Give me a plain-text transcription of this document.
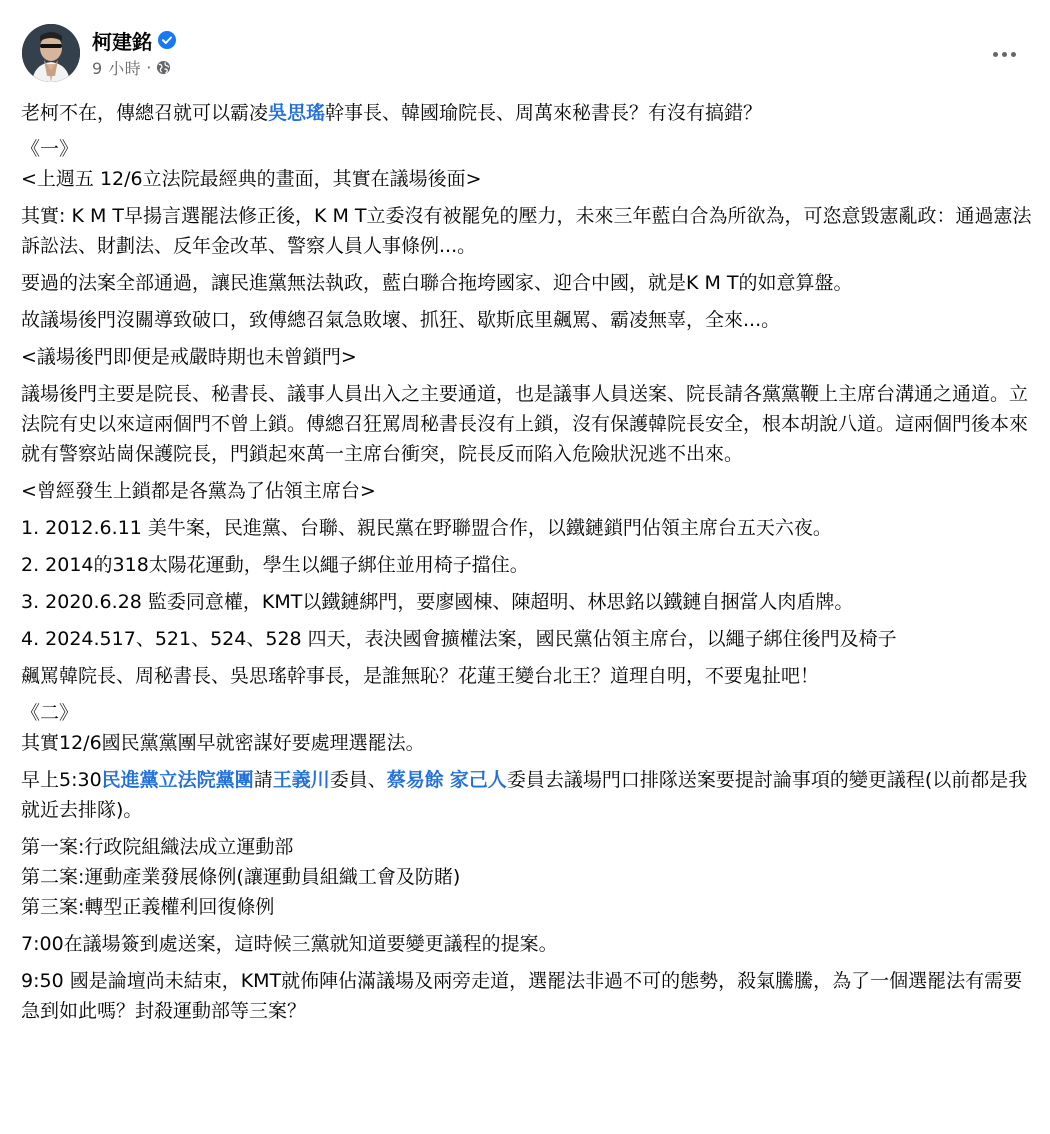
柯建銘
9 小時 ·

老柯不在，傳總召就可以霸凌吳思瑤幹事長、韓國瑜院長、周萬來秘書長？有沒有搞錯？

《一》

<上週五 12/6立法院最經典的畫面，其實在議場後面>

其實: K M T早揚言選罷法修正後，K M T立委沒有被罷免的壓力，未來三年藍白合為所欲為，可恣意毀憲亂政：通過憲法訴訟法、財劃法、反年金改革、警察人員人事條例...。

要過的法案全部通過，讓民進黨無法執政，藍白聯合拖垮國家、迎合中國，就是K M T的如意算盤。

故議場後門沒關導致破口，致傅總召氣急敗壞、抓狂、歇斯底里飆罵、霸凌無辜，全來...。

<議場後門即便是戒嚴時期也未曾鎖門>

議場後門主要是院長、秘書長、議事人員出入之主要通道，也是議事人員送案、院長請各黨黨鞭上主席台溝通之通道。立法院有史以來這兩個門不曾上鎖。傅總召狂罵周秘書長沒有上鎖，沒有保護韓院長安全，根本胡說八道。這兩個門後本來就有警察站崗保護院長，門鎖起來萬一主席台衝突，院長反而陷入危險狀況逃不出來。

<曾經發生上鎖都是各黨為了佔領主席台>

1. 2012.6.11 美牛案，民進黨、台聯、親民黨在野聯盟合作，以鐵鏈鎖門佔領主席台五天六夜。

2. 2014的318太陽花運動，學生以繩子綁住並用椅子擋住。

3. 2020.6.28 監委同意權，KMT以鐵鏈綁門，要廖國棟、陳超明、林思銘以鐵鏈自捆當人肉盾牌。

4. 2024.517、521、524、528 四天，表決國會擴權法案，國民黨佔領主席台，以繩子綁住後門及椅子

飆罵韓院長、周秘書長、吳思瑤幹事長，是誰無恥？花蓮王變台北王？道理自明，不要鬼扯吧！

《二》

其實12/6國民黨黨團早就密謀好要處理選罷法。

早上5:30民進黨立法院黨團請王義川委員、蔡易餘 家己人委員去議場門口排隊送案要提討論事項的變更議程(以前都是我就近去排隊)。

第一案:行政院組織法成立運動部
第二案:運動產業發展條例(讓運動員組織工會及防賭)
第三案:轉型正義權利回復條例

7:00在議場簽到處送案，這時候三黨就知道要變更議程的提案。

9:50 國是論壇尚未結束，KMT就佈陣佔滿議場及兩旁走道，選罷法非過不可的態勢，殺氣騰騰，為了一個選罷法有需要急到如此嗎？封殺運動部等三案？
